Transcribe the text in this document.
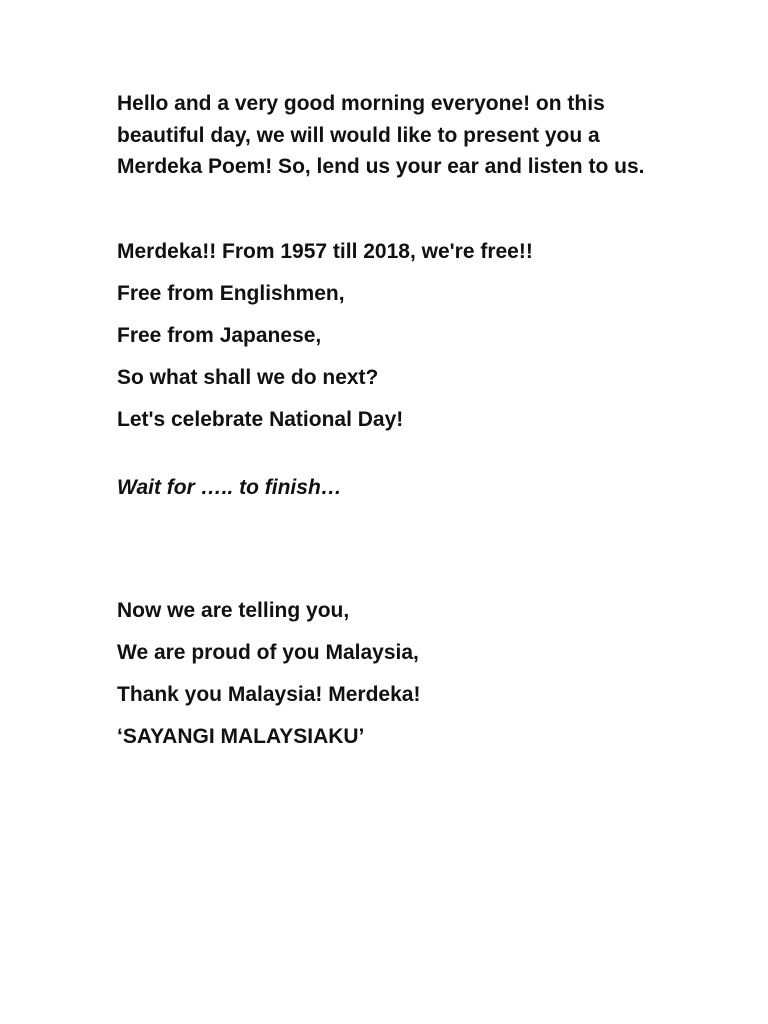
Hello and a very good morning everyone! on this beautiful day, we will would like to present you a Merdeka Poem! So, lend us your ear and listen to us.

Merdeka!! From 1957 till 2018, we're free!!

Free from Englishmen,

Free from Japanese,

So what shall we do next?

Let's celebrate National Day!

Wait for ….. to finish…

Now we are telling you,

We are proud of you Malaysia,

Thank you Malaysia! Merdeka!

‘SAYANGI MALAYSIAKU’
